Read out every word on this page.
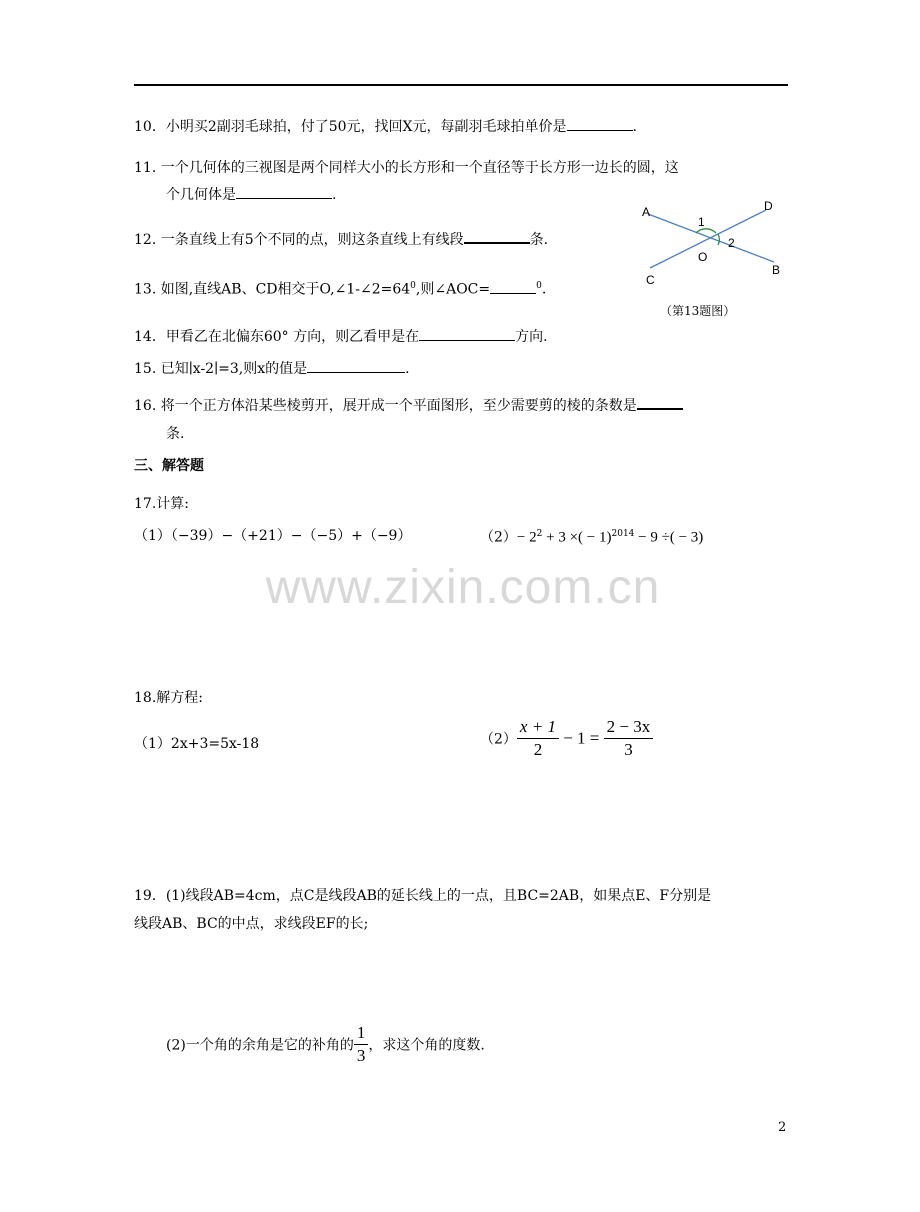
10．小明买2副羽毛球拍，付了50元，找回X元，每副羽毛球拍单价是	.
11. 一个几何体的三视图是两个同样大小的长方形和一个直径等于长方形一边长的圆，这
个几何体是	.
12. 一条直线上有5个不同的点，则这条直线上有线段	条.
13. 如图,直线AB、CD相交于$O,\angle 1-\angle 2=64^0$,则∠AOC=	$^0$.
A	D
C
B
O
1
2
（第13题图）
14．甲看乙在北偏东60° 方向，则乙看甲是在	方向.
15. 已知∣x-2∣=3,则x的值是	.
16. 将一个正方体沿某些棱剪开，展开成一个平面图形，至少需要剪的棱的条数是
条.
三、解答题
17.计算:
（1）（−39）−（+21）−（−5）+（−9）	$(2)- 2^2 + 3$ ×( − 1)$^{2014}$ − 9 ÷( − 3)
www.zixin.com.cn
18.解方程:
（1）2x+3=5x-18	$(2) \frac{x + 1}{2} - 1 = \frac{2 - 3x}{3}$
19．(1)线段AB=4cm，点C是线段AB的延长线上的一点，且BC=2AB，如果点E、F分别是
线段AB、BC的中点，求线段EF的长;
(2)一个角的余角是它的补角的 $\frac{1}{3}$ ，求这个角的度数.
2
